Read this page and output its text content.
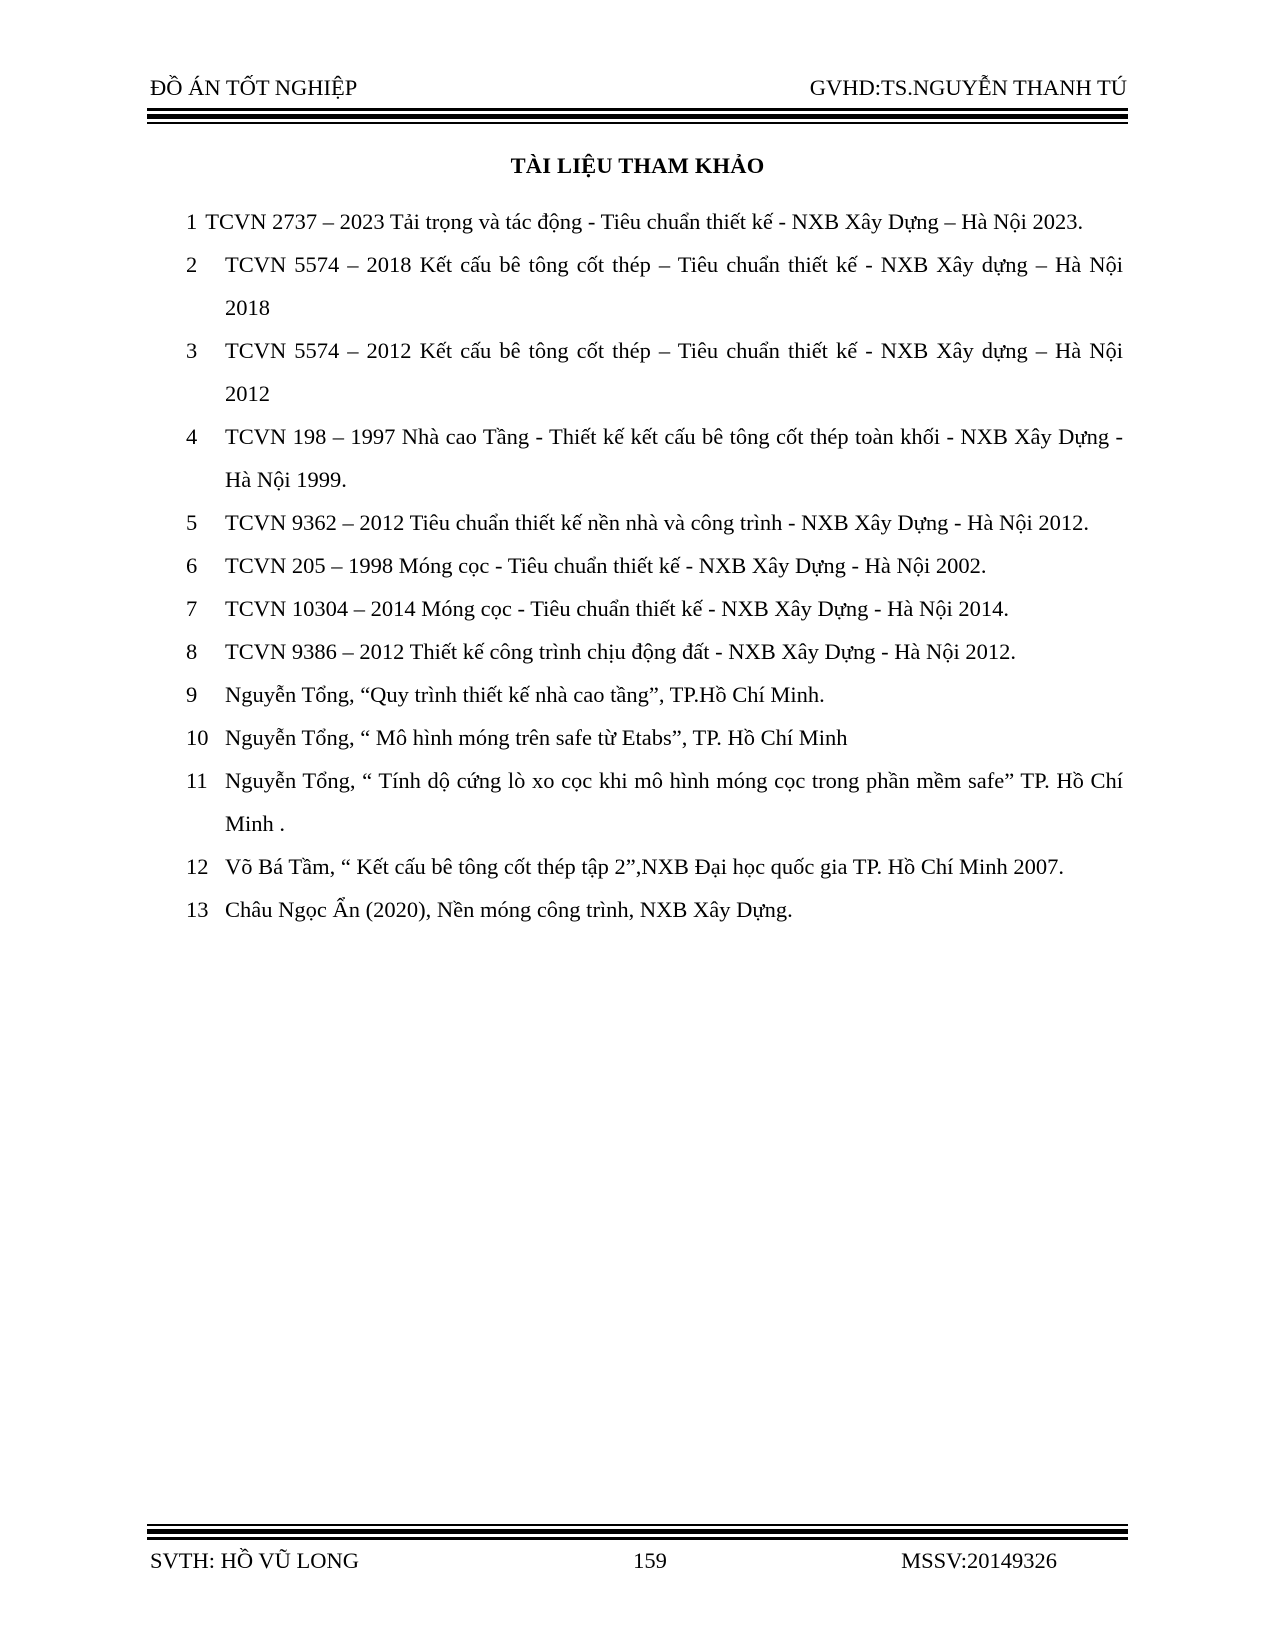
ĐỒ ÁN TỐT NGHIỆP	GVHD:TS.NGUYỄN THANH TÚ
TÀI LIỆU THAM KHẢO

1 TCVN 2737 – 2023 Tải trọng và tác động - Tiêu chuẩn thiết kế - NXB Xây Dựng – Hà Nội 2023.

2	TCVN 5574 – 2018 Kết cấu bê tông cốt thép – Tiêu chuẩn thiết kế - NXB Xây dựng – Hà Nội 2018

3	TCVN 5574 – 2012 Kết cấu bê tông cốt thép – Tiêu chuẩn thiết kế - NXB Xây dựng – Hà Nội 2012

4	TCVN 198 – 1997 Nhà cao Tầng - Thiết kế kết cấu bê tông cốt thép toàn khối - NXB Xây Dựng - Hà Nội 1999.

5	TCVN 9362 – 2012 Tiêu chuẩn thiết kế nền nhà và công trình - NXB Xây Dựng - Hà Nội 2012.

6	TCVN 205 – 1998 Móng cọc - Tiêu chuẩn thiết kế - NXB Xây Dựng - Hà Nội 2002.

7	TCVN 10304 – 2014 Móng cọc - Tiêu chuẩn thiết kế - NXB Xây Dựng - Hà Nội 2014.

8	TCVN 9386 – 2012 Thiết kế công trình chịu động đất - NXB Xây Dựng - Hà Nội 2012.

9	Nguyễn Tổng, “Quy trình thiết kế nhà cao tầng”, TP.Hồ Chí Minh.

10 Nguyễn Tổng, “ Mô hình móng trên safe từ Etabs”, TP. Hồ Chí Minh

11 Nguyễn Tổng, “ Tính dộ cứng lò xo cọc khi mô hình móng cọc trong phần mềm safe” TP. Hồ Chí Minh .

12 Võ Bá Tầm, “ Kết cấu bê tông cốt thép tập 2”,NXB Đại học quốc gia TP. Hồ Chí Minh 2007.

13 Châu Ngọc Ẩn (2020), Nền móng công trình, NXB Xây Dựng.

SVTH: HỒ VŨ LONG	159	MSSV:20149326
